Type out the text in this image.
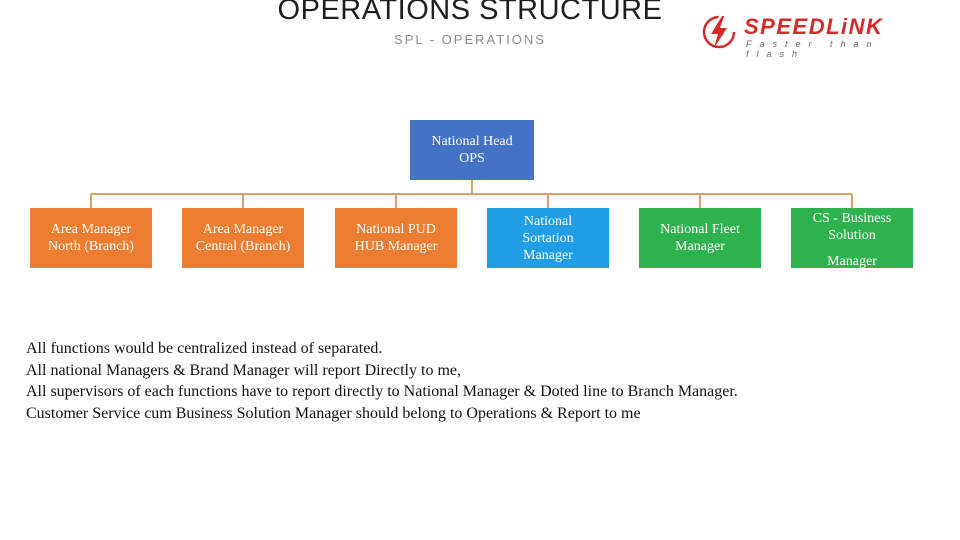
OPERATIONS STRUCTURE
SPL - OPERATIONS
SPEEDLiNK
Faster than flash
National Head
OPS
Area Manager
North (Branch)
Area Manager
Central (Branch)
National PUD
HUB Manager
National
Sortation
Manager
National Fleet
Manager
CS - Business
Solution
Manager
All functions would be centralized instead of separated.
All national Managers & Brand Manager will report Directly to me,
All supervisors of each functions have to report directly to National Manager & Doted line to Branch Manager.
Customer Service cum Business Solution Manager should belong to Operations & Report to me
